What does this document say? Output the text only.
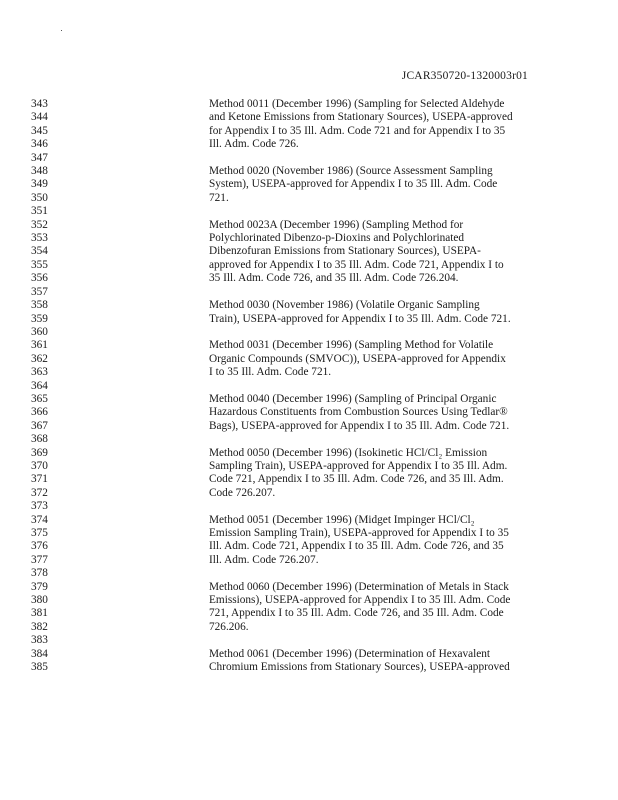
JCAR350720-1320003r01
343	Method 0011 (December 1996) (Sampling for Selected Aldehyde
344	and Ketone Emissions from Stationary Sources), USEPA-approved
345	for Appendix I to 35 Ill. Adm. Code 721 and for Appendix I to 35
346	Ill. Adm. Code 726.
347
348	Method 0020 (November 1986) (Source Assessment Sampling
349	System), USEPA-approved for Appendix I to 35 Ill. Adm. Code
350	721.
351
352	Method 0023A (December 1996) (Sampling Method for
353	Polychlorinated Dibenzo-p-Dioxins and Polychlorinated
354	Dibenzofuran Emissions from Stationary Sources), USEPA-
355	approved for Appendix I to 35 Ill. Adm. Code 721, Appendix I to
356	35 Ill. Adm. Code 726, and 35 Ill. Adm. Code 726.204.
357
358	Method 0030 (November 1986) (Volatile Organic Sampling
359	Train), USEPA-approved for Appendix I to 35 Ill. Adm. Code 721.
360
361	Method 0031 (December 1996) (Sampling Method for Volatile
362	Organic Compounds (SMVOC)), USEPA-approved for Appendix
363	I to 35 Ill. Adm. Code 721.
364
365	Method 0040 (December 1996) (Sampling of Principal Organic
366	Hazardous Constituents from Combustion Sources Using Tedlar®
367	Bags), USEPA-approved for Appendix I to 35 Ill. Adm. Code 721.
368
369	Method 0050 (December 1996) (Isokinetic HCl/Cl₂ Emission
370	Sampling Train), USEPA-approved for Appendix I to 35 Ill. Adm.
371	Code 721, Appendix I to 35 Ill. Adm. Code 726, and 35 Ill. Adm.
372	Code 726.207.
373
374	Method 0051 (December 1996) (Midget Impinger HCl/Cl₂
375	Emission Sampling Train), USEPA-approved for Appendix I to 35
376	Ill. Adm. Code 721, Appendix I to 35 Ill. Adm. Code 726, and 35
377	Ill. Adm. Code 726.207.
378
379	Method 0060 (December 1996) (Determination of Metals in Stack
380	Emissions), USEPA-approved for Appendix I to 35 Ill. Adm. Code
381	721, Appendix I to 35 Ill. Adm. Code 726, and 35 Ill. Adm. Code
382	726.206.
383
384	Method 0061 (December 1996) (Determination of Hexavalent
385	Chromium Emissions from Stationary Sources), USEPA-approved
